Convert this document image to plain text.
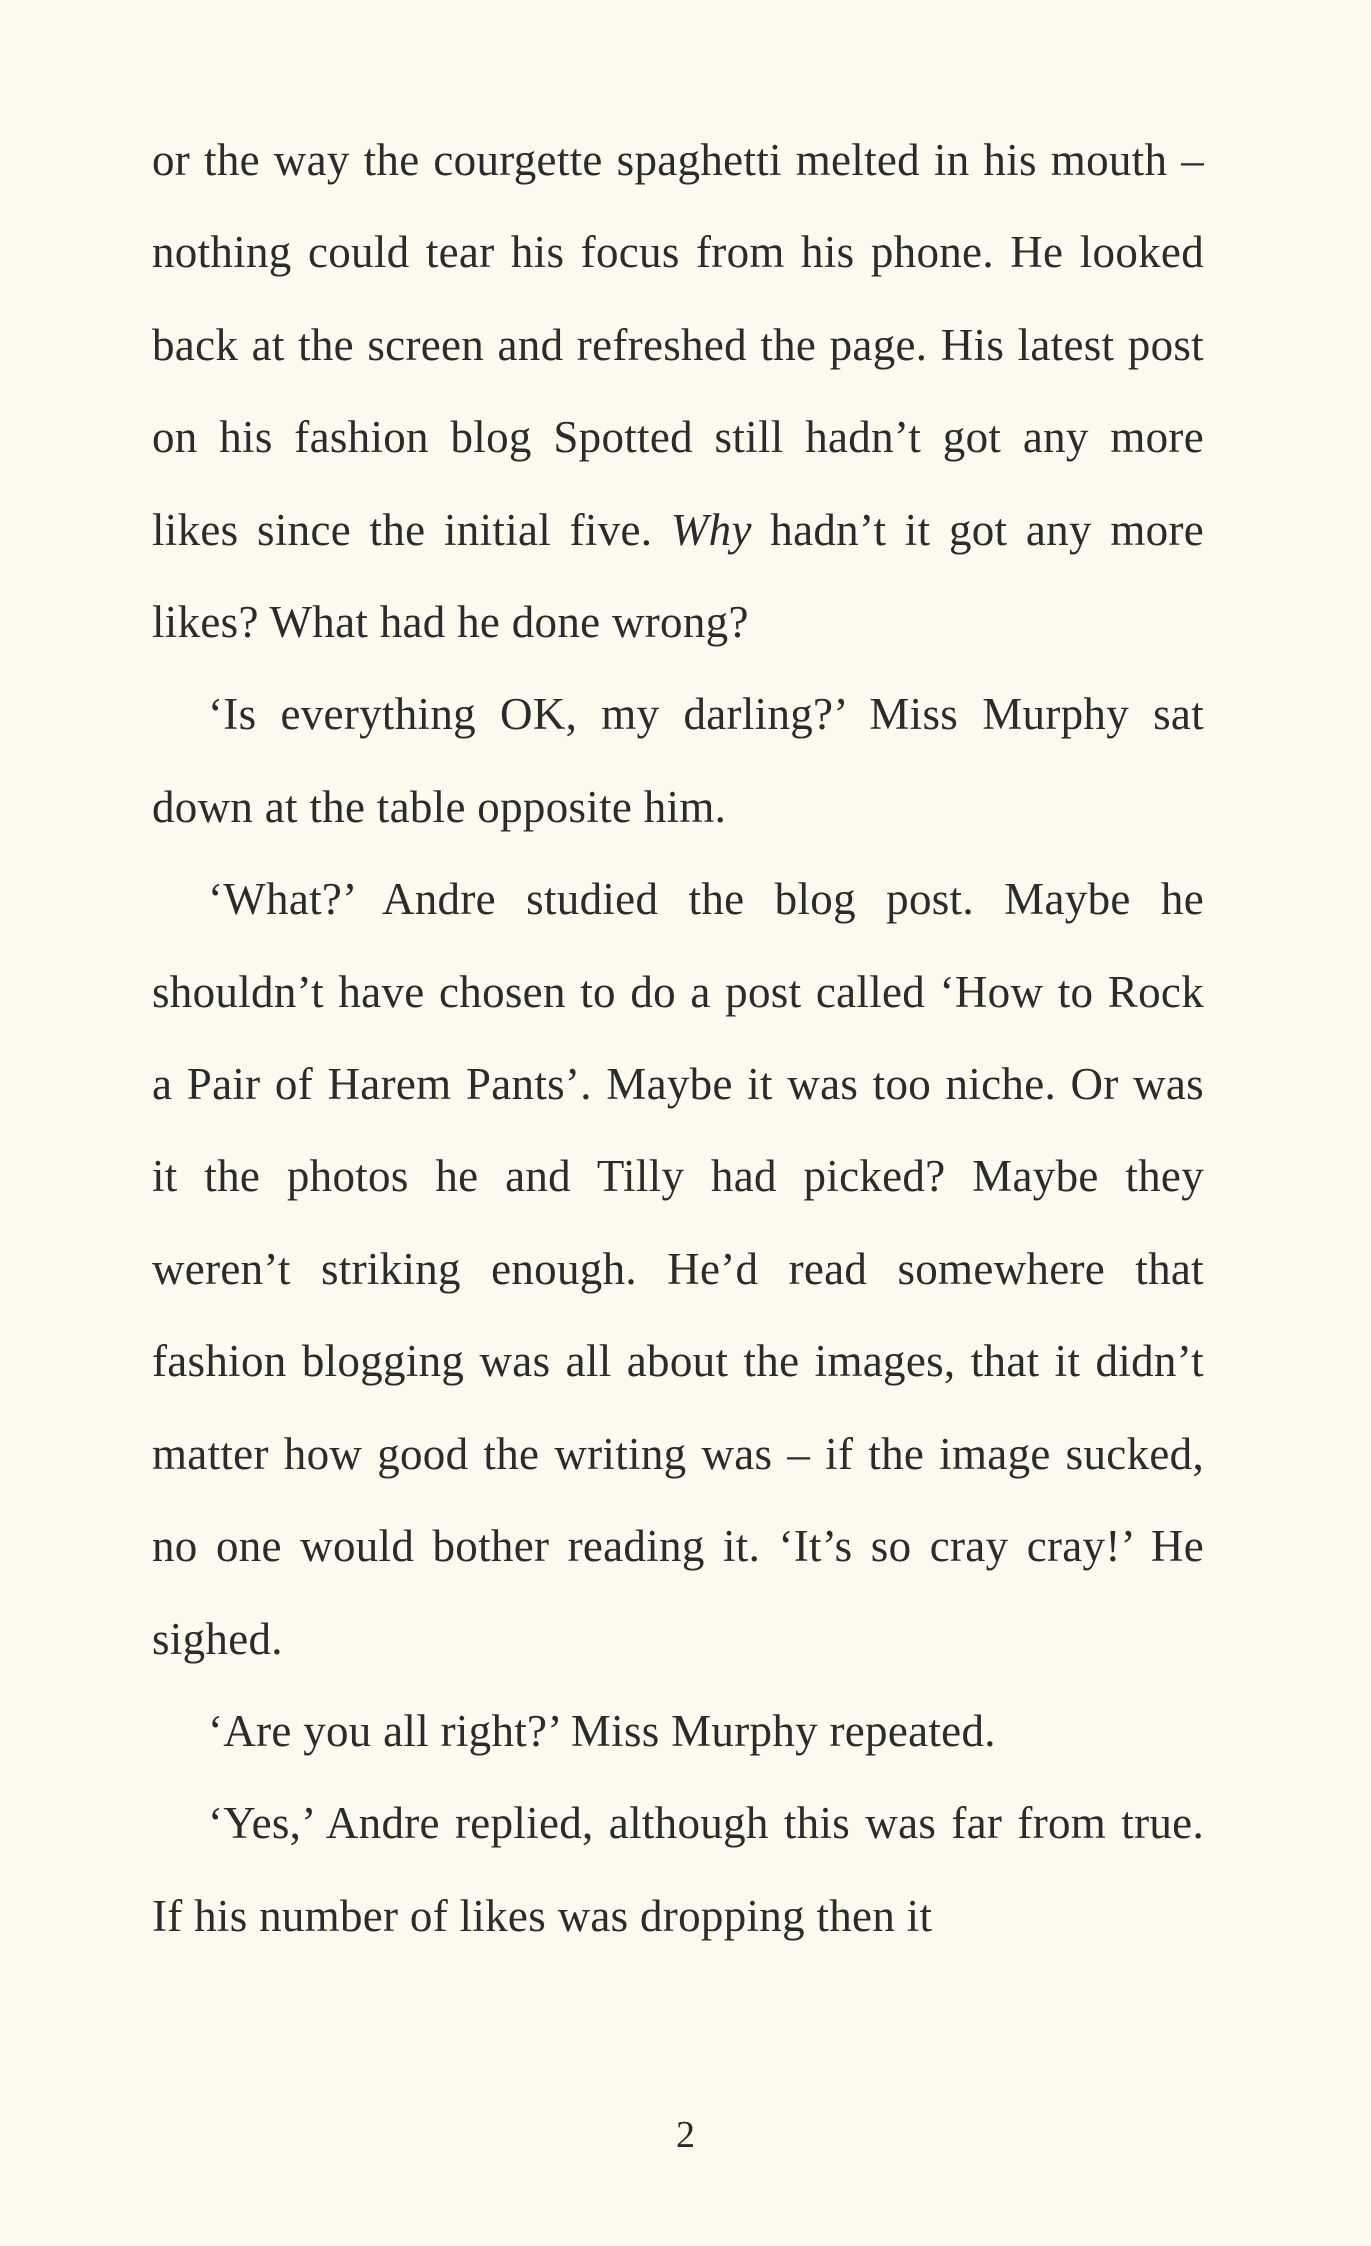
or the way the courgette spaghetti melted in his mouth – nothing could tear his focus from his phone. He looked back at the screen and refreshed the page. His latest post on his fashion blog Spotted still hadn’t got any more likes since the initial five. Why hadn’t it got any more likes? What had he done wrong?

‘Is everything OK, my darling?’ Miss Murphy sat down at the table opposite him.

‘What?’ Andre studied the blog post. Maybe he shouldn’t have chosen to do a post called ‘How to Rock a Pair of Harem Pants’. Maybe it was too niche. Or was it the photos he and Tilly had picked? Maybe they weren’t striking enough. He’d read somewhere that fashion blogging was all about the images, that it didn’t matter how good the writing was – if the image sucked, no one would bother reading it. ‘It’s so cray cray!’ He sighed.

‘Are you all right?’ Miss Murphy repeated.

‘Yes,’ Andre replied, although this was far from true. If his number of likes was dropping then it

2
